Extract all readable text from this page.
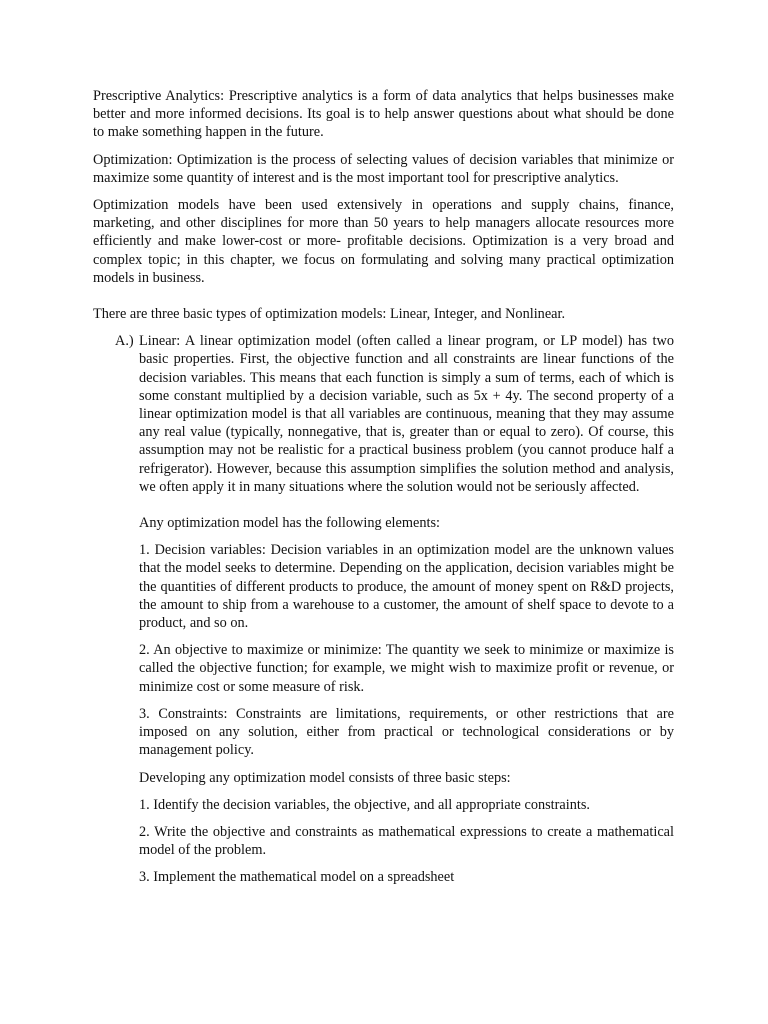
Prescriptive Analytics: Prescriptive analytics is a form of data analytics that helps businesses make better and more informed decisions. Its goal is to help answer questions about what should be done to make something happen in the future.

Optimization: Optimization is the process of selecting values of decision variables that minimize or maximize some quantity of interest and is the most important tool for prescriptive analytics.

Optimization models have been used extensively in operations and supply chains, finance, marketing, and other disciplines for more than 50 years to help managers allocate resources more efficiently and make lower-cost or more- profitable decisions. Optimization is a very broad and complex topic; in this chapter, we focus on formulating and solving many practical optimization models in business.

There are three basic types of optimization models: Linear, Integer, and Nonlinear.

A.) Linear: A linear optimization model (often called a linear program, or LP model) has two basic properties. First, the objective function and all constraints are linear functions of the decision variables. This means that each function is simply a sum of terms, each of which is some constant multiplied by a decision variable, such as 5x + 4y. The second property of a linear optimization model is that all variables are continuous, meaning that they may assume any real value (typically, nonnegative, that is, greater than or equal to zero). Of course, this assumption may not be realistic for a practical business problem (you cannot produce half a refrigerator). However, because this assumption simplifies the solution method and analysis, we often apply it in many situations where the solution would not be seriously affected.

Any optimization model has the following elements:

1. Decision variables: Decision variables in an optimization model are the unknown values that the model seeks to determine. Depending on the application, decision variables might be the quantities of different products to produce, the amount of money spent on R&D projects, the amount to ship from a warehouse to a customer, the amount of shelf space to devote to a product, and so on.

2. An objective to maximize or minimize: The quantity we seek to minimize or maximize is called the objective function; for example, we might wish to maximize profit or revenue, or minimize cost or some measure of risk.

3. Constraints: Constraints are limitations, requirements, or other restrictions that are imposed on any solution, either from practical or technological considerations or by management policy.

Developing any optimization model consists of three basic steps:

1. Identify the decision variables, the objective, and all appropriate constraints.

2. Write the objective and constraints as mathematical expressions to create a mathematical model of the problem.

3. Implement the mathematical model on a spreadsheet
